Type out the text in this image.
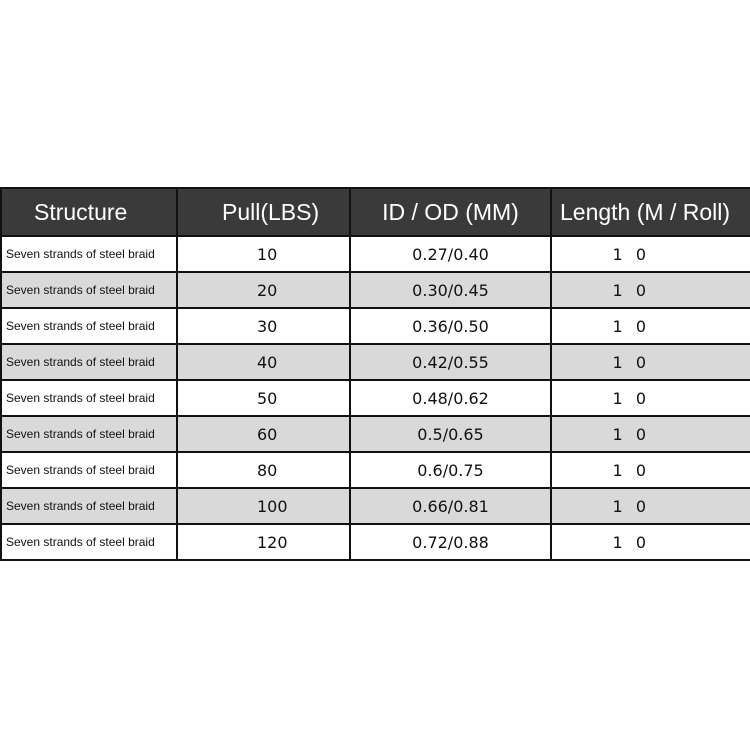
Structure	Pull(LBS)	ID / OD (MM)	Length (M / Roll)
Seven strands of steel braid	10	0.27/0.40	1 0
Seven strands of steel braid	20	0.30/0.45	1 0
Seven strands of steel braid	30	0.36/0.50	1 0
Seven strands of steel braid	40	0.42/0.55	1 0
Seven strands of steel braid	50	0.48/0.62	1 0
Seven strands of steel braid	60	0.5/0.65	1 0
Seven strands of steel braid	80	0.6/0.75	1 0
Seven strands of steel braid	100	0.66/0.81	1 0
Seven strands of steel braid	120	0.72/0.88	1 0
